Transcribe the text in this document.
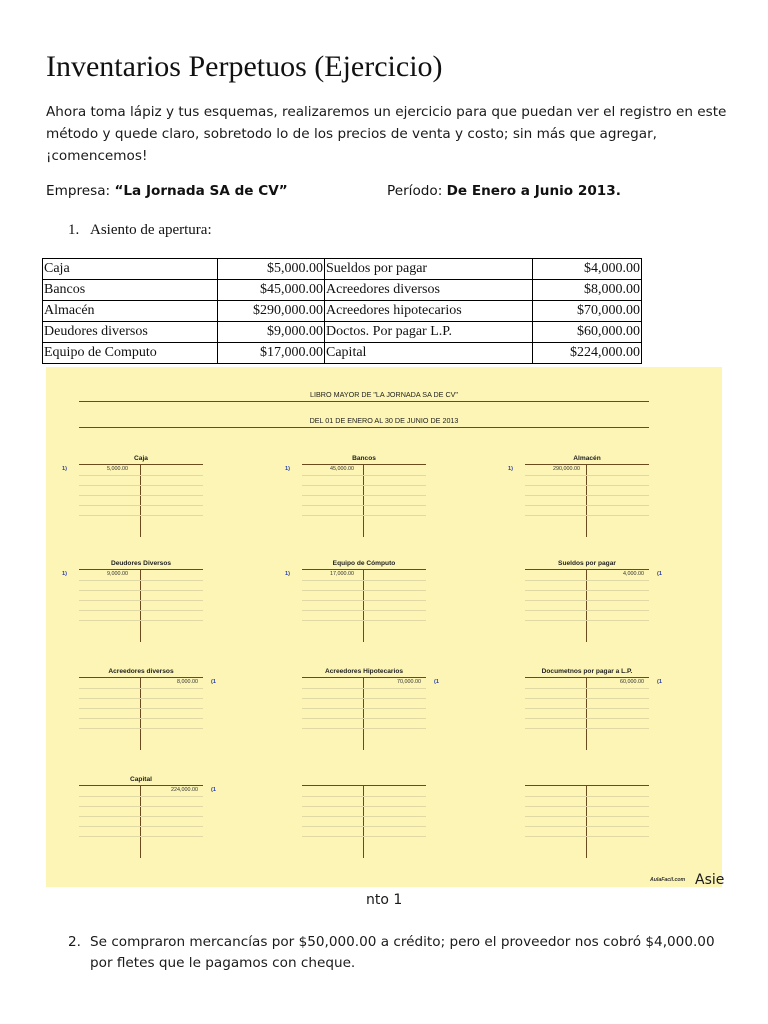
Inventarios Perpetuos (Ejercicio)
Ahora toma lápiz y tus esquemas, realizaremos un ejercicio para que puedan ver el registro en este método y quede claro, sobretodo lo de los precios de venta y costo; sin más que agregar, ¡comencemos!
Empresa: “La Jornada SA de CV”	Período: De Enero a Junio 2013.
1. Asiento de apertura:
Caja	$5,000.00	Sueldos por pagar	$4,000.00
Bancos	$45,000.00	Acreedores diversos	$8,000.00
Almacén	$290,000.00	Acreedores hipotecarios	$70,000.00
Deudores diversos	$9,000.00	Doctos. Por pagar L.P.	$60,000.00
Equipo de Computo	$17,000.00	Capital	$224,000.00
LIBRO MAYOR DE "LA JORNADA SA DE CV"
DEL 01 DE ENERO AL 30 DE JUNIO DE 2013
AulaFacil.com
Caja
5,000.00
1)
Bancos
45,000.00
1)
Almacén
290,000.00
1)
Deudores Diversos
9,000.00
1)
Equipo de Cómputo
17,000.00
1)
Sueldos por pagar
4,000.00 (1
Acreedores diversos
8,000.00 (1
Acreedores Hipotecarios
70,000.00 (1
Documetnos por pagar a L.P.
60,000.00 (1
Capital
224,000.00 (1
Asie
nto 1
2. Se compraron mercancías por $50,000.00 a crédito; pero el proveedor nos cobró $4,000.00 por fletes que le pagamos con cheque.
